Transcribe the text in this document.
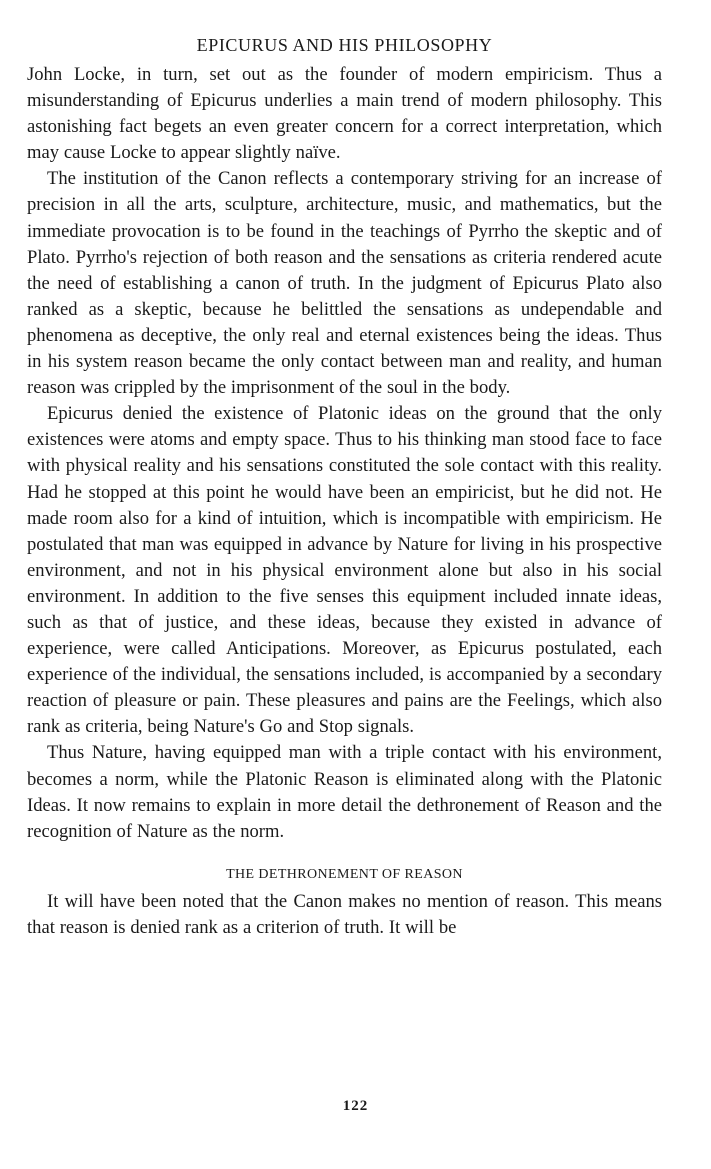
EPICURUS AND HIS PHILOSOPHY

John Locke, in turn, set out as the founder of modern empiricism. Thus a misunderstanding of Epicurus underlies a main trend of modern philosophy. This astonishing fact begets an even greater concern for a correct interpretation, which may cause Locke to appear slightly naïve.

The institution of the Canon reflects a contemporary striving for an increase of precision in all the arts, sculpture, architecture, music, and mathematics, but the immediate provocation is to be found in the teachings of Pyrrho the skeptic and of Plato. Pyrrho's rejection of both reason and the sensations as criteria rendered acute the need of establishing a canon of truth. In the judgment of Epicurus Plato also ranked as a skeptic, because he belittled the sensations as undependable and phenomena as deceptive, the only real and eternal existences being the ideas. Thus in his system reason became the only contact between man and reality, and human reason was crippled by the imprisonment of the soul in the body.

Epicurus denied the existence of Platonic ideas on the ground that the only existences were atoms and empty space. Thus to his thinking man stood face to face with physical reality and his sensations constituted the sole contact with this reality. Had he stopped at this point he would have been an empiricist, but he did not. He made room also for a kind of intuition, which is incompatible with empiricism. He postulated that man was equipped in advance by Nature for living in his prospective environment, and not in his physical environment alone but also in his social environment. In addition to the five senses this equipment included innate ideas, such as that of justice, and these ideas, because they existed in advance of experience, were called Anticipations. Moreover, as Epicurus postulated, each experience of the individual, the sensations included, is accompanied by a secondary reaction of pleasure or pain. These pleasures and pains are the Feelings, which also rank as criteria, being Nature's Go and Stop signals.

Thus Nature, having equipped man with a triple contact with his environment, becomes a norm, while the Platonic Reason is eliminated along with the Platonic Ideas. It now remains to explain in more detail the dethronement of Reason and the recognition of Nature as the norm.

THE DETHRONEMENT OF REASON

It will have been noted that the Canon makes no mention of reason. This means that reason is denied rank as a criterion of truth. It will be

122
